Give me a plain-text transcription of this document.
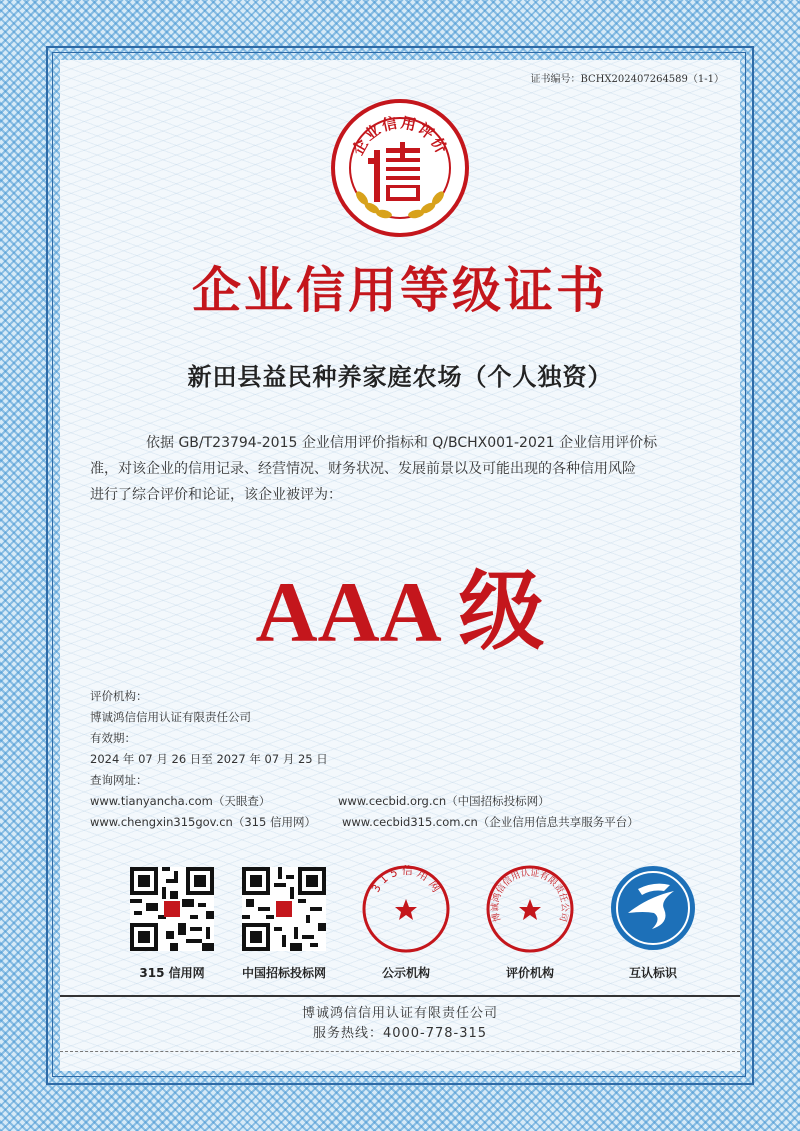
证书编号：BCHX202407264589（1-1）
企业信用评价
企业信用等级证书
新田县益民种养家庭农场（个人独资）
依据 GB/T23794-2015 企业信用评价指标和 Q/BCHX001-2021 企业信用评价标
准，对该企业的信用记录、经营情况、财务状况、发展前景以及可能出现的各种信用风险
进行了综合评价和论证，该企业被评为：
AAA 级
评价机构：
博诚鸿信信用认证有限责任公司
有效期：
2024 年 07 月 26 日至 2027 年 07 月 25 日
查询网址：
www.tianyancha.com（天眼查）	www.cecbid.org.cn（中国招标投标网）
www.chengxin315gov.cn（315 信用网） www.cecbid315.com.cn（企业信用信息共享服务平台）
315 信用网	中国招标投标网
3 1 5 信 用 网
公示机构
博诚鸿信信用认证有限责任公司
评价机构	互认标识
博诚鸿信信用认证有限责任公司
服务热线：4000-778-315
